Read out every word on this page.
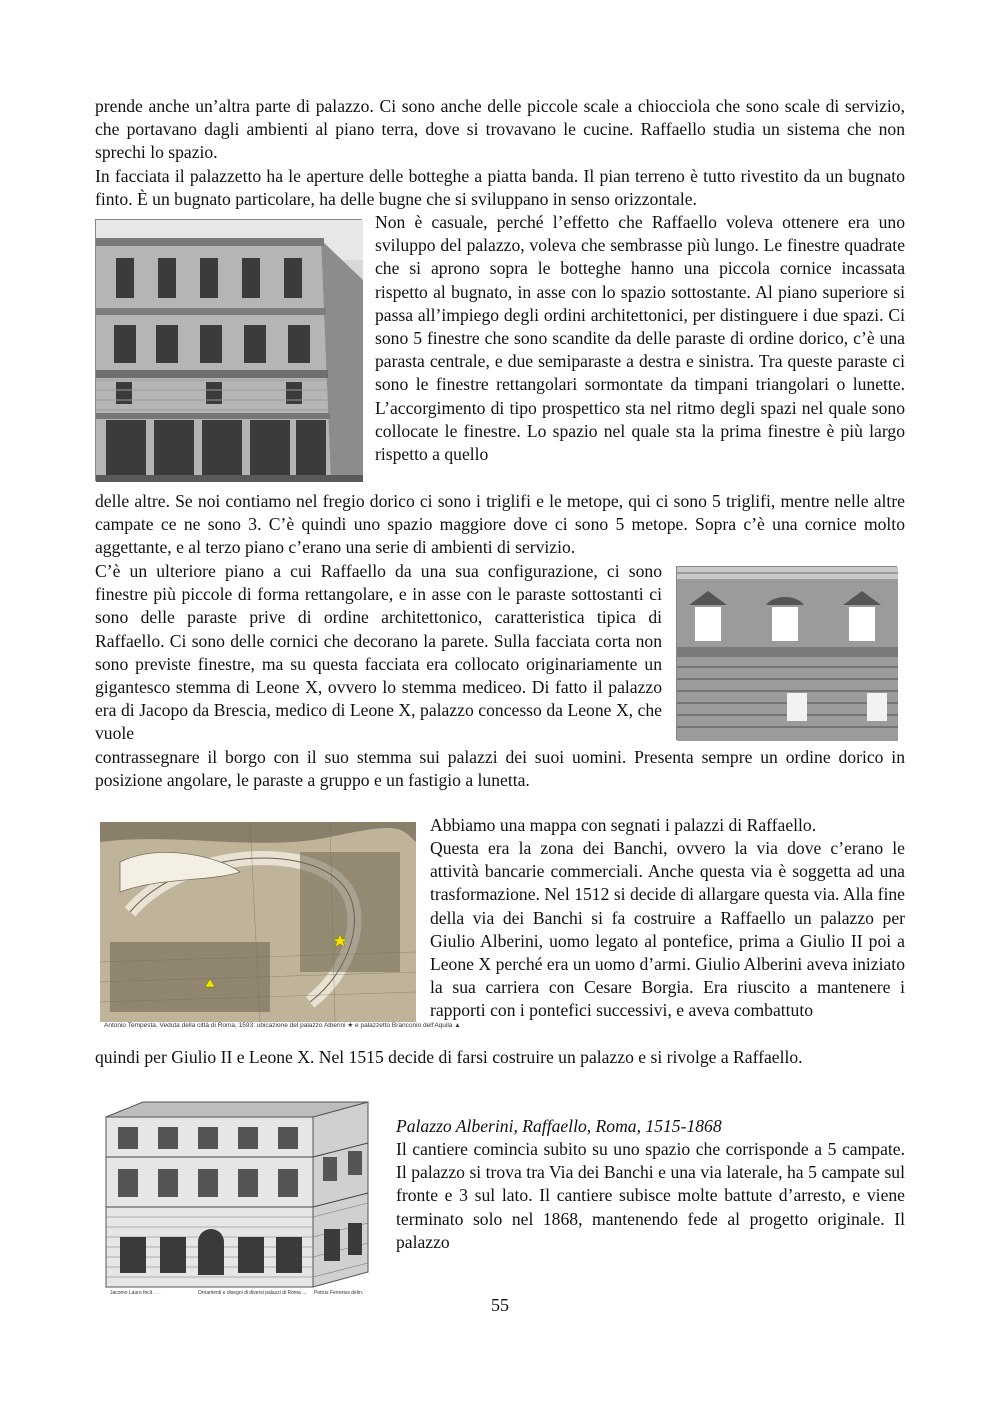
prende anche un’altra parte di palazzo. Ci sono anche delle piccole scale a chiocciola che sono scale di servizio, che portavano dagli ambienti al piano terra, dove si trovavano le cucine. Raffaello studia un sistema che non sprechi lo spazio.

In facciata il palazzetto ha le aperture delle botteghe a piatta banda. Il pian terreno è tutto rivestito da un bugnato finto. È un bugnato particolare, ha delle bugne che si sviluppano in senso orizzontale.

Non è casuale, perché l’effetto che Raffaello voleva ottenere era uno sviluppo del palazzo, voleva che sembrasse più lungo. Le finestre quadrate che si aprono sopra le botteghe hanno una piccola cornice incassata rispetto al bugnato, in asse con lo spazio sottostante. Al piano superiore si passa all’impiego degli ordini architettonici, per distinguere i due spazi. Ci sono 5 finestre che sono scandite da delle paraste di ordine dorico, c’è una parasta centrale, e due semiparaste a destra e sinistra. Tra queste paraste ci sono le finestre rettangolari sormontate da timpani triangolari o lunette. L’accorgimento di tipo prospettico sta nel ritmo degli spazi nel quale sono collocate le finestre. Lo spazio nel quale sta la prima finestre è più largo rispetto a quello

delle altre. Se noi contiamo nel fregio dorico ci sono i triglifi e le metope, qui ci sono 5 triglifi, mentre nelle altre campate ce ne sono 3. C’è quindi uno spazio maggiore dove ci sono 5 metope. Sopra c’è una cornice molto aggettante, e al terzo piano c’erano una serie di ambienti di servizio.

C’è un ulteriore piano a cui Raffaello da una sua configurazione, ci sono finestre più piccole di forma rettangolare, e in asse con le paraste sottostanti ci sono delle paraste prive di ordine architettonico, caratteristica tipica di Raffaello. Ci sono delle cornici che decorano la parete. Sulla facciata corta non sono previste finestre, ma su questa facciata era collocato originariamente un gigantesco stemma di Leone X, ovvero lo stemma mediceo. Di fatto il palazzo era di Jacopo da Brescia, medico di Leone X, palazzo concesso da Leone X, che vuole

contrassegnare il borgo con il suo stemma sui palazzi dei suoi uomini. Presenta sempre un ordine dorico in posizione angolare, le paraste a gruppo e un fastigio a lunetta.

Antonio Tempesta, Veduta della città di Roma, 1593: ubicazione del palazzo Alberini ★ e palazzetto Branconio dell'Aquila ▲

Abbiamo una mappa con segnati i palazzi di Raffaello.

Questa era la zona dei Banchi, ovvero la via dove c’erano le attività bancarie commerciali. Anche questa via è soggetta ad una trasformazione. Nel 1512 si decide di allargare questa via. Alla fine della via dei Banchi si fa costruire a Raffaello un palazzo per Giulio Alberini, uomo legato al pontefice, prima a Giulio II poi a Leone X perché era un uomo d’armi. Giulio Alberini aveva iniziato la sua carriera con Cesare Borgia. Era riuscito a mantenere i rapporti con i pontefici successivi, e aveva combattuto

quindi per Giulio II e Leone X. Nel 1515 decide di farsi costruire un palazzo e si rivolge a Raffaello.

Jacomo Lauro fecit . . .	Ornamenti e disegni di diversi palazzi di Roma ... Petrus Ferrerius delin.

Palazzo Alberini, Raffaello, Roma, 1515-1868

Il cantiere comincia subito su uno spazio che corrisponde a 5 campate. Il palazzo si trova tra Via dei Banchi e una via laterale, ha 5 campate sul fronte e 3 sul lato. Il cantiere subisce molte battute d’arresto, e viene terminato solo nel 1868, mantenendo fede al progetto originale. Il palazzo

55
